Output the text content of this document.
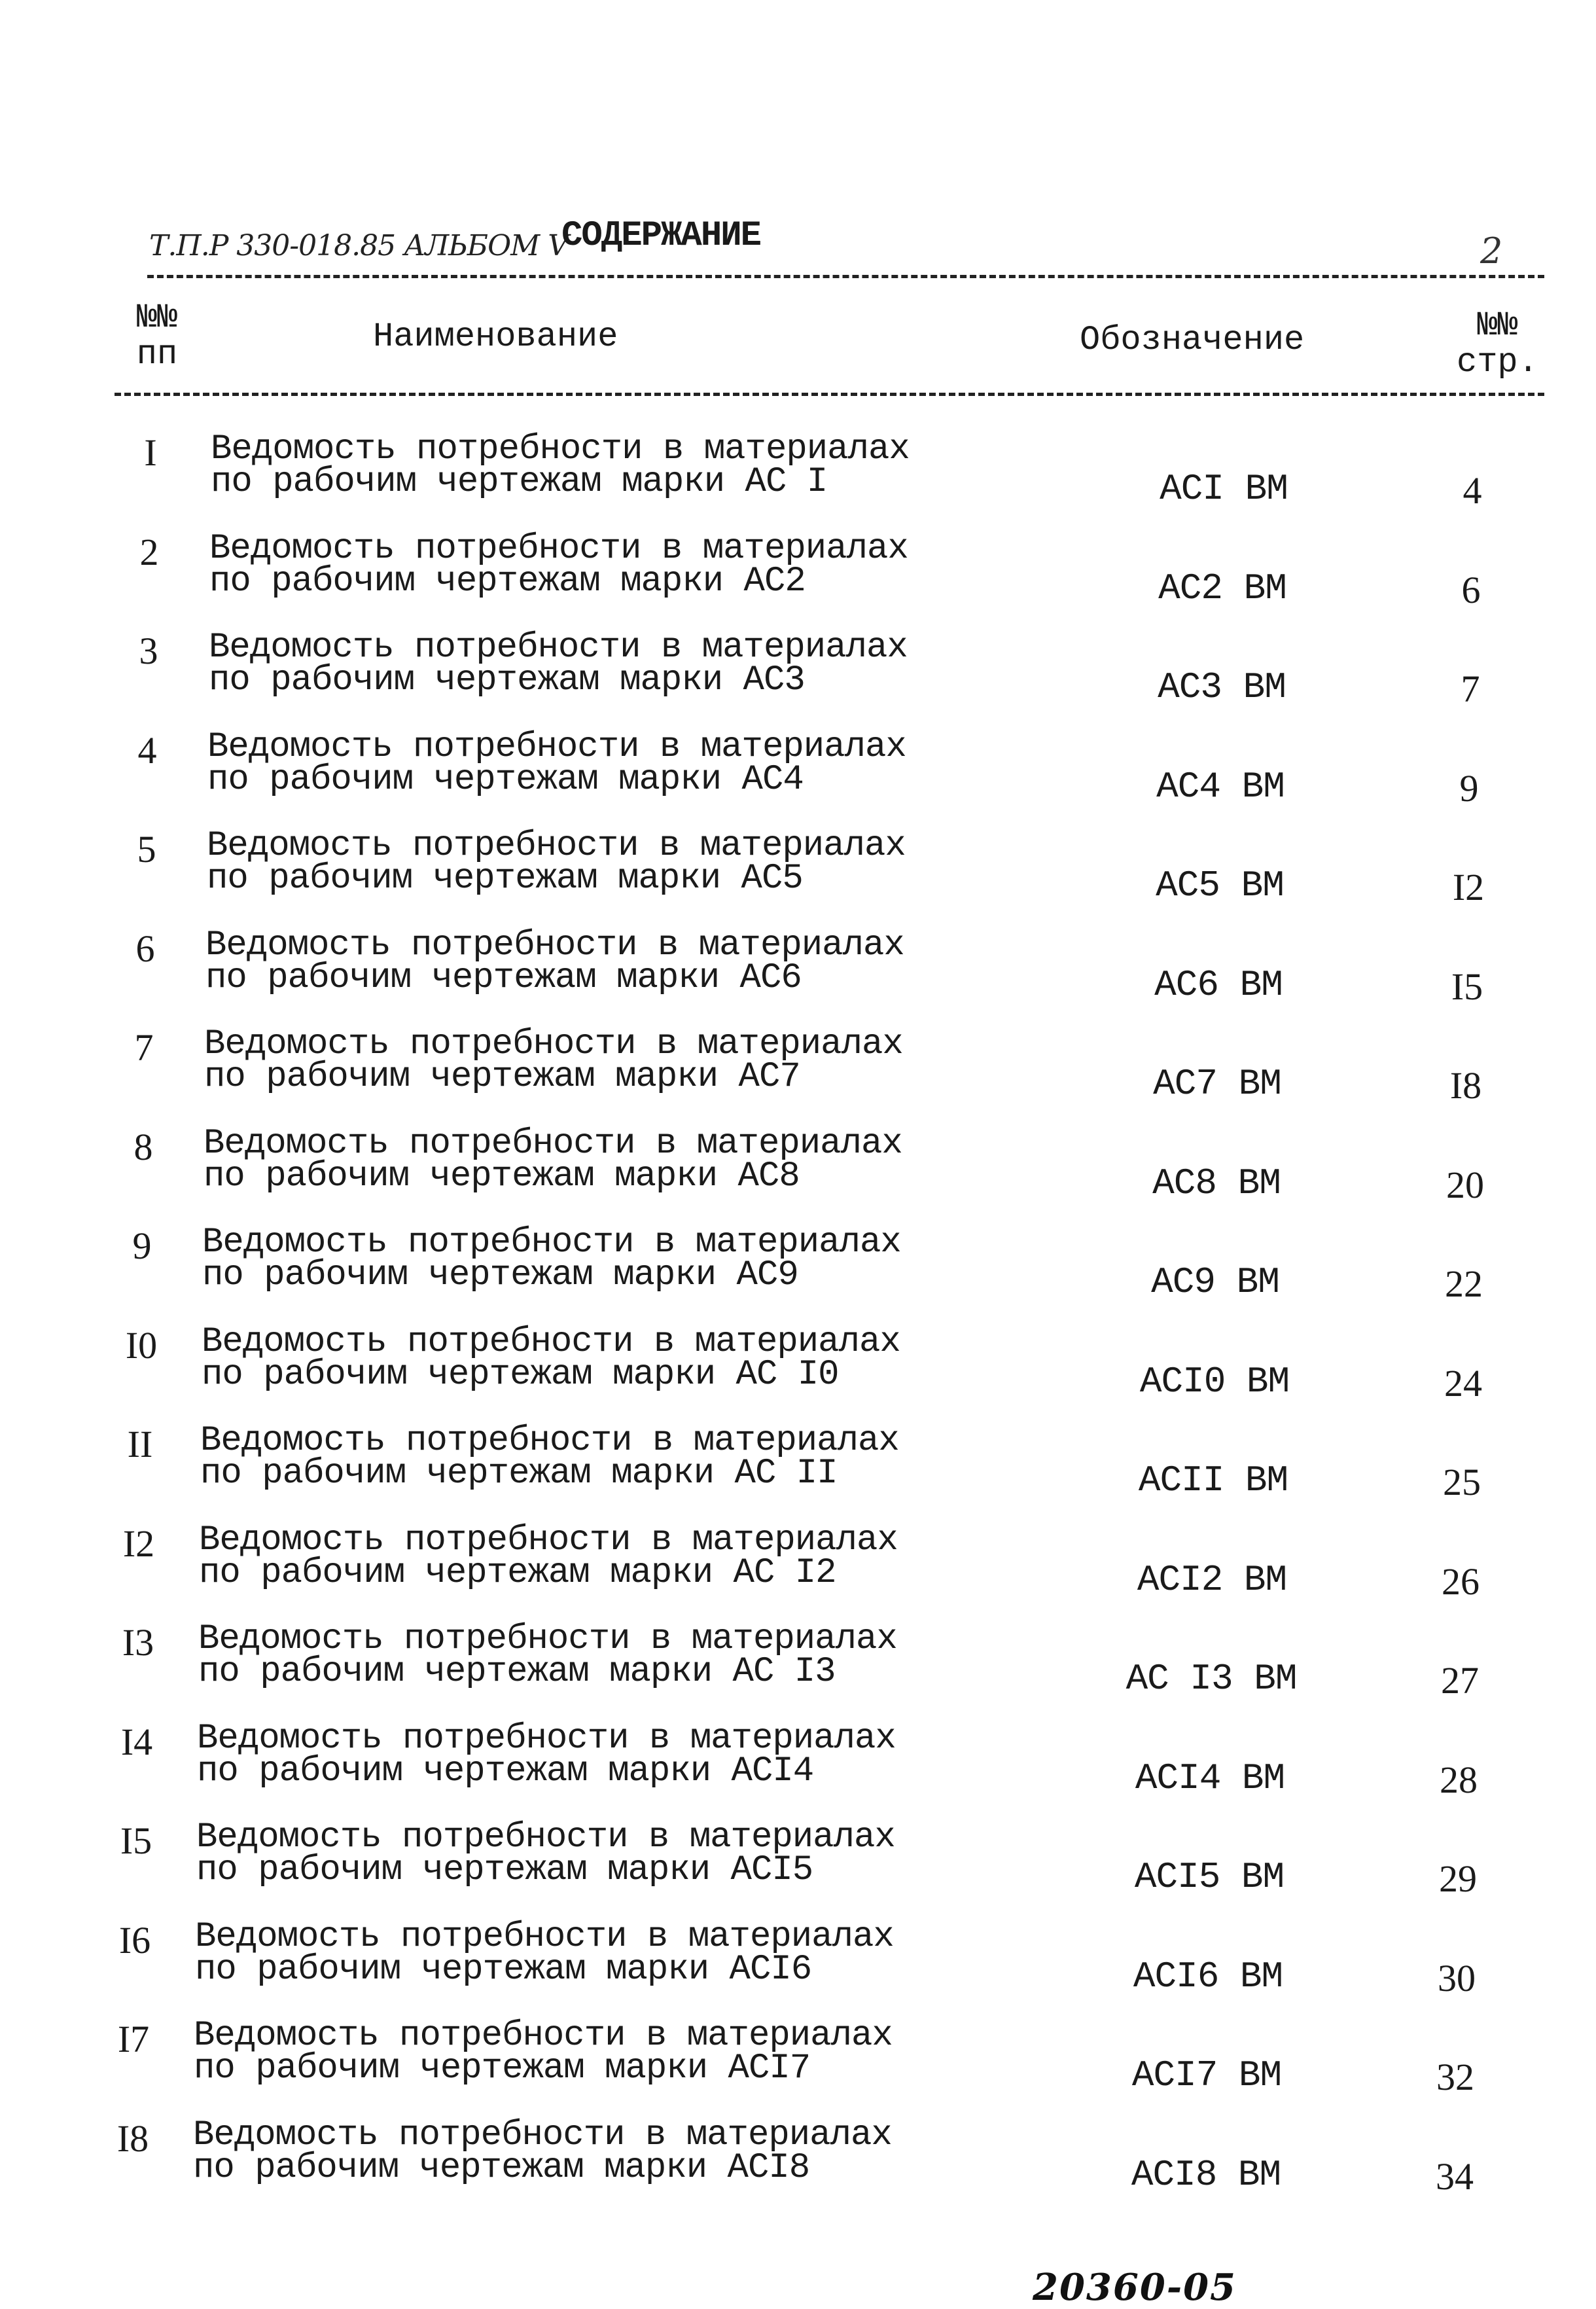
Т.П.Р 330-018.85 АЛЬБОМ V
СОДЕРЖАНИЕ	2
№№
пп	Наименование	Обозначение	№№
стр.
I	Ведомость потребности в материалах
по рабочим чертежам марки АС I	АСI ВМ	4
2	Ведомость потребности в материалах
по рабочим чертежам марки АС2	АС2 ВМ	6
3	Ведомость потребности в материалах
по рабочим чертежам марки АС3	АС3 ВМ	7
4	Ведомость потребности в материалах
по рабочим чертежам марки АС4	АС4 ВМ	9
5	Ведомость потребности в материалах
по рабочим чертежам марки АС5	АС5 ВМ	I2
6	Ведомость потребности в материалах
по рабочим чертежам марки АС6	АС6 ВМ	I5
7	Ведомость потребности в материалах
по рабочим чертежам марки АС7	АС7 ВМ	I8
8	Ведомость потребности в материалах
по рабочим чертежам марки АС8	АС8 ВМ	20
9	Ведомость потребности в материалах
по рабочим чертежам марки АС9	АС9 ВМ	22
I0	Ведомость потребности в материалах
по рабочим чертежам марки АС I0	АСI0 ВМ	24
II	Ведомость потребности в материалах
по рабочим чертежам марки АС II	АСII ВМ	25
I2	Ведомость потребности в материалах
по рабочим чертежам марки АС I2	АСI2 ВМ	26
I3	Ведомость потребности в материалах
по рабочим чертежам марки АС I3	АС I3 ВМ	27
I4	Ведомость потребности в материалах
по рабочим чертежам марки АСI4	АСI4 ВМ	28
I5	Ведомость потребности в материалах
по рабочим чертежам марки АСI5	АСI5 ВМ	29
I6	Ведомость потребности в материалах
по рабочим чертежам марки АСI6	АСI6 ВМ	30
I7	Ведомость потребности в материалах
по рабочим чертежам марки АСI7	АСI7 ВМ	32
I8	Ведомость потребности в материалах
по рабочим чертежам марки АСI8	АСI8 ВМ	34
20360-05
